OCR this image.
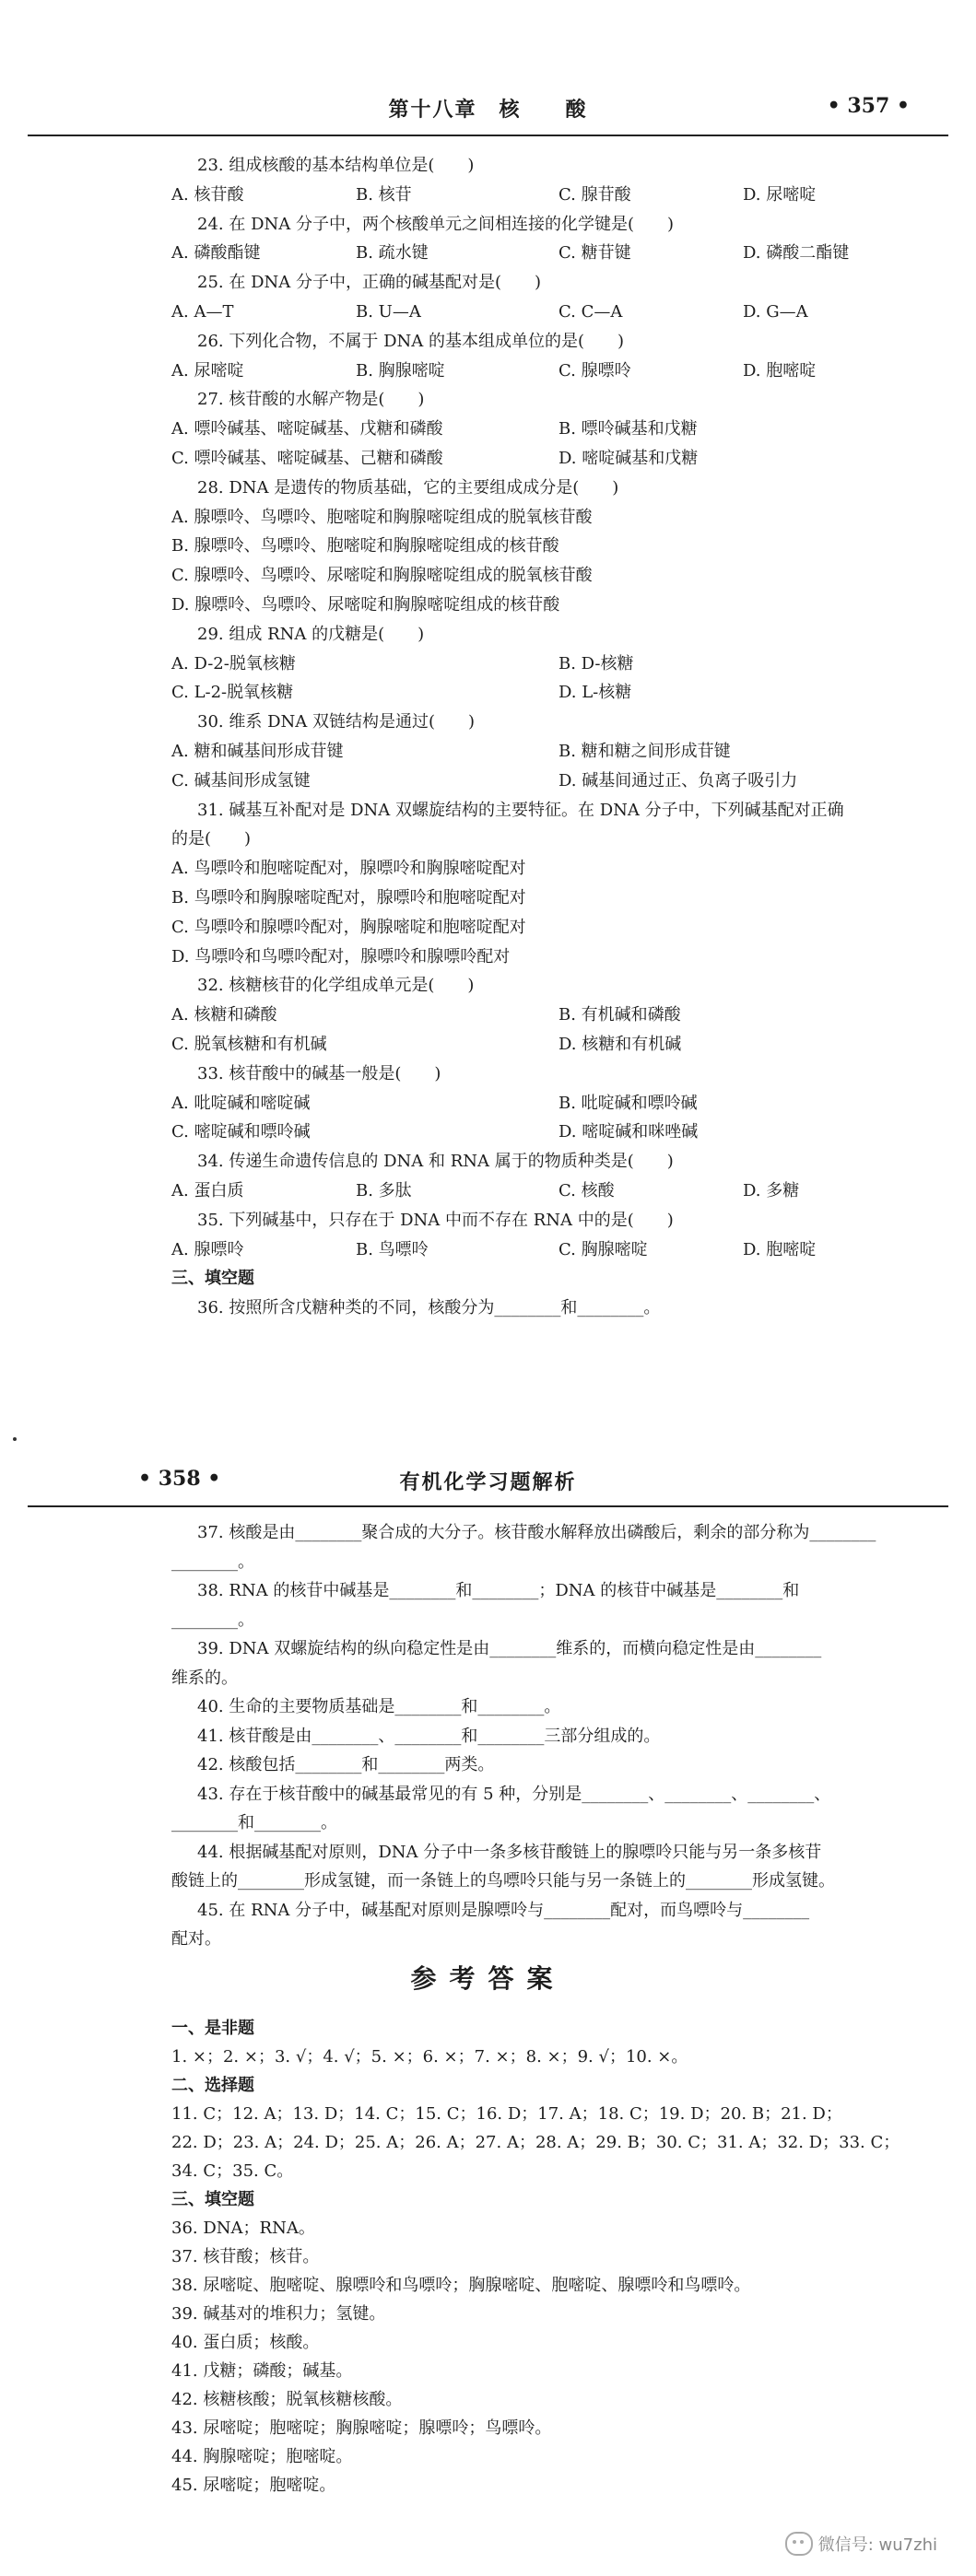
第十八章　核　　酸	• 357 •
23. 组成核酸的基本结构单位是(　　)
A. 核苷酸	B. 核苷	C. 腺苷酸	D. 尿嘧啶
24. 在 DNA 分子中，两个核酸单元之间相连接的化学键是(　　)
A. 磷酸酯键	B. 疏水键	C. 糖苷键	D. 磷酸二酯键
25. 在 DNA 分子中，正确的碱基配对是(　　)
A. A—T	B. U—A	C. C—A	D. G—A
26. 下列化合物，不属于 DNA 的基本组成单位的是(　　)
A. 尿嘧啶	B. 胸腺嘧啶	C. 腺嘌呤	D. 胞嘧啶
27. 核苷酸的水解产物是(　　)
A. 嘌呤碱基、嘧啶碱基、戊糖和磷酸	B. 嘌呤碱基和戊糖
C. 嘌呤碱基、嘧啶碱基、己糖和磷酸	D. 嘧啶碱基和戊糖
28. DNA 是遗传的物质基础，它的主要组成成分是(　　)
A. 腺嘌呤、鸟嘌呤、胞嘧啶和胸腺嘧啶组成的脱氧核苷酸
B. 腺嘌呤、鸟嘌呤、胞嘧啶和胸腺嘧啶组成的核苷酸
C. 腺嘌呤、鸟嘌呤、尿嘧啶和胸腺嘧啶组成的脱氧核苷酸
D. 腺嘌呤、鸟嘌呤、尿嘧啶和胸腺嘧啶组成的核苷酸
29. 组成 RNA 的戊糖是(　　)
A. D-2-脱氧核糖	B. D-核糖
C. L-2-脱氧核糖	D. L-核糖
30. 维系 DNA 双链结构是通过(　　)
A. 糖和碱基间形成苷键	B. 糖和糖之间形成苷键
C. 碱基间形成氢键	D. 碱基间通过正、负离子吸引力
31. 碱基互补配对是 DNA 双螺旋结构的主要特征。在 DNA 分子中，下列碱基配对正确
的是(　　)
A. 鸟嘌呤和胞嘧啶配对，腺嘌呤和胸腺嘧啶配对
B. 鸟嘌呤和胸腺嘧啶配对，腺嘌呤和胞嘧啶配对
C. 鸟嘌呤和腺嘌呤配对，胸腺嘧啶和胞嘧啶配对
D. 鸟嘌呤和鸟嘌呤配对，腺嘌呤和腺嘌呤配对
32. 核糖核苷的化学组成单元是(　　)
A. 核糖和磷酸	B. 有机碱和磷酸
C. 脱氧核糖和有机碱	D. 核糖和有机碱
33. 核苷酸中的碱基一般是(　　)
A. 吡啶碱和嘧啶碱	B. 吡啶碱和嘌呤碱
C. 嘧啶碱和嘌呤碱	D. 嘧啶碱和咪唑碱
34. 传递生命遗传信息的 DNA 和 RNA 属于的物质种类是(　　)
A. 蛋白质	B. 多肽	C. 核酸	D. 多糖
35. 下列碱基中，只存在于 DNA 中而不存在 RNA 中的是(　　)
A. 腺嘌呤	B. 鸟嘌呤	C. 胸腺嘧啶	D. 胞嘧啶
三、填空题
36. 按照所含戊糖种类的不同，核酸分为________和________。
• 358 •	有机化学习题解析
37. 核酸是由________聚合成的大分子。核苷酸水解释放出磷酸后，剩余的部分称为________
________。
38. RNA 的核苷中碱基是________和________；DNA 的核苷中碱基是________和
________。
39. DNA 双螺旋结构的纵向稳定性是由________维系的，而横向稳定性是由________
维系的。
40. 生命的主要物质基础是________和________。
41. 核苷酸是由________、________和________三部分组成的。
42. 核酸包括________和________两类。
43. 存在于核苷酸中的碱基最常见的有 5 种，分别是________、________、________、
________和________。
44. 根据碱基配对原则，DNA 分子中一条多核苷酸链上的腺嘌呤只能与另一条多核苷
酸链上的________形成氢键，而一条链上的鸟嘌呤只能与另一条链上的________形成氢键。
45. 在 RNA 分子中，碱基配对原则是腺嘌呤与________配对，而鸟嘌呤与________
配对。
参考答案
一、是非题
1. ×；2. ×；3. √；4. √；5. ×；6. ×；7. ×；8. ×；9. √；10. ×。
二、选择题
11. C；12. A；13. D；14. C；15. C；16. D；17. A；18. C；19. D；20. B；21. D；
22. D；23. A；24. D；25. A；26. A；27. A；28. A；29. B；30. C；31. A；32. D；33. C；
34. C；35. C。
三、填空题
36. DNA；RNA。
37. 核苷酸；核苷。
38. 尿嘧啶、胞嘧啶、腺嘌呤和鸟嘌呤；胸腺嘧啶、胞嘧啶、腺嘌呤和鸟嘌呤。
39. 碱基对的堆积力；氢键。
40. 蛋白质；核酸。
41. 戊糖；磷酸；碱基。
42. 核糖核酸；脱氧核糖核酸。
43. 尿嘧啶；胞嘧啶；胸腺嘧啶；腺嘌呤；鸟嘌呤。
44. 胸腺嘧啶；胞嘧啶。
45. 尿嘧啶；胞嘧啶。
微信号: wu7zhi
